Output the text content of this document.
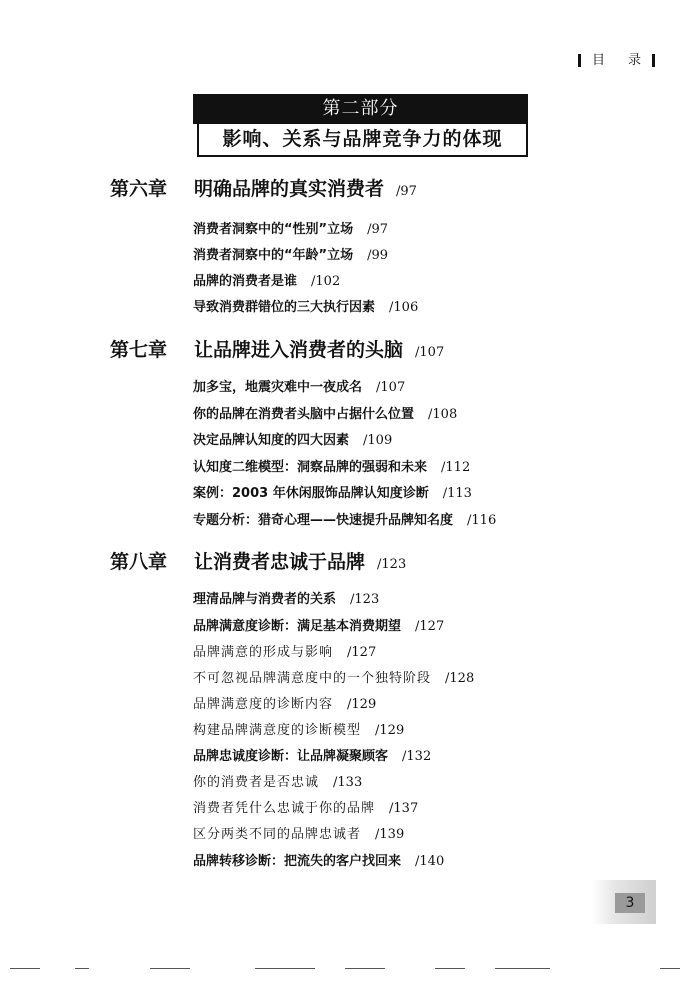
目 录
第二部分
影响、关系与品牌竞争力的体现
第六章 明确品牌的真实消费者 /97
消费者洞察中的“性别”立场 /97
消费者洞察中的“年龄”立场 /99
品牌的消费者是谁 /102
导致消费群错位的三大执行因素 /106
第七章 让品牌进入消费者的头脑 /107
加多宝，地震灾难中一夜成名 /107
你的品牌在消费者头脑中占据什么位置 /108
决定品牌认知度的四大因素 /109
认知度二维模型：洞察品牌的强弱和未来 /112
案例：2003 年休闲服饰品牌认知度诊断 /113
专题分析：猎奇心理——快速提升品牌知名度 /116
第八章 让消费者忠诚于品牌 /123
理清品牌与消费者的关系 /123
品牌满意度诊断：满足基本消费期望 /127
品牌满意的形成与影响 /127
不可忽视品牌满意度中的一个独特阶段 /128
品牌满意度的诊断内容 /129
构建品牌满意度的诊断模型 /129
品牌忠诚度诊断：让品牌凝聚顾客 /132
你的消费者是否忠诚 /133
消费者凭什么忠诚于你的品牌 /137
区分两类不同的品牌忠诚者 /139
品牌转移诊断：把流失的客户找回来 /140
3
